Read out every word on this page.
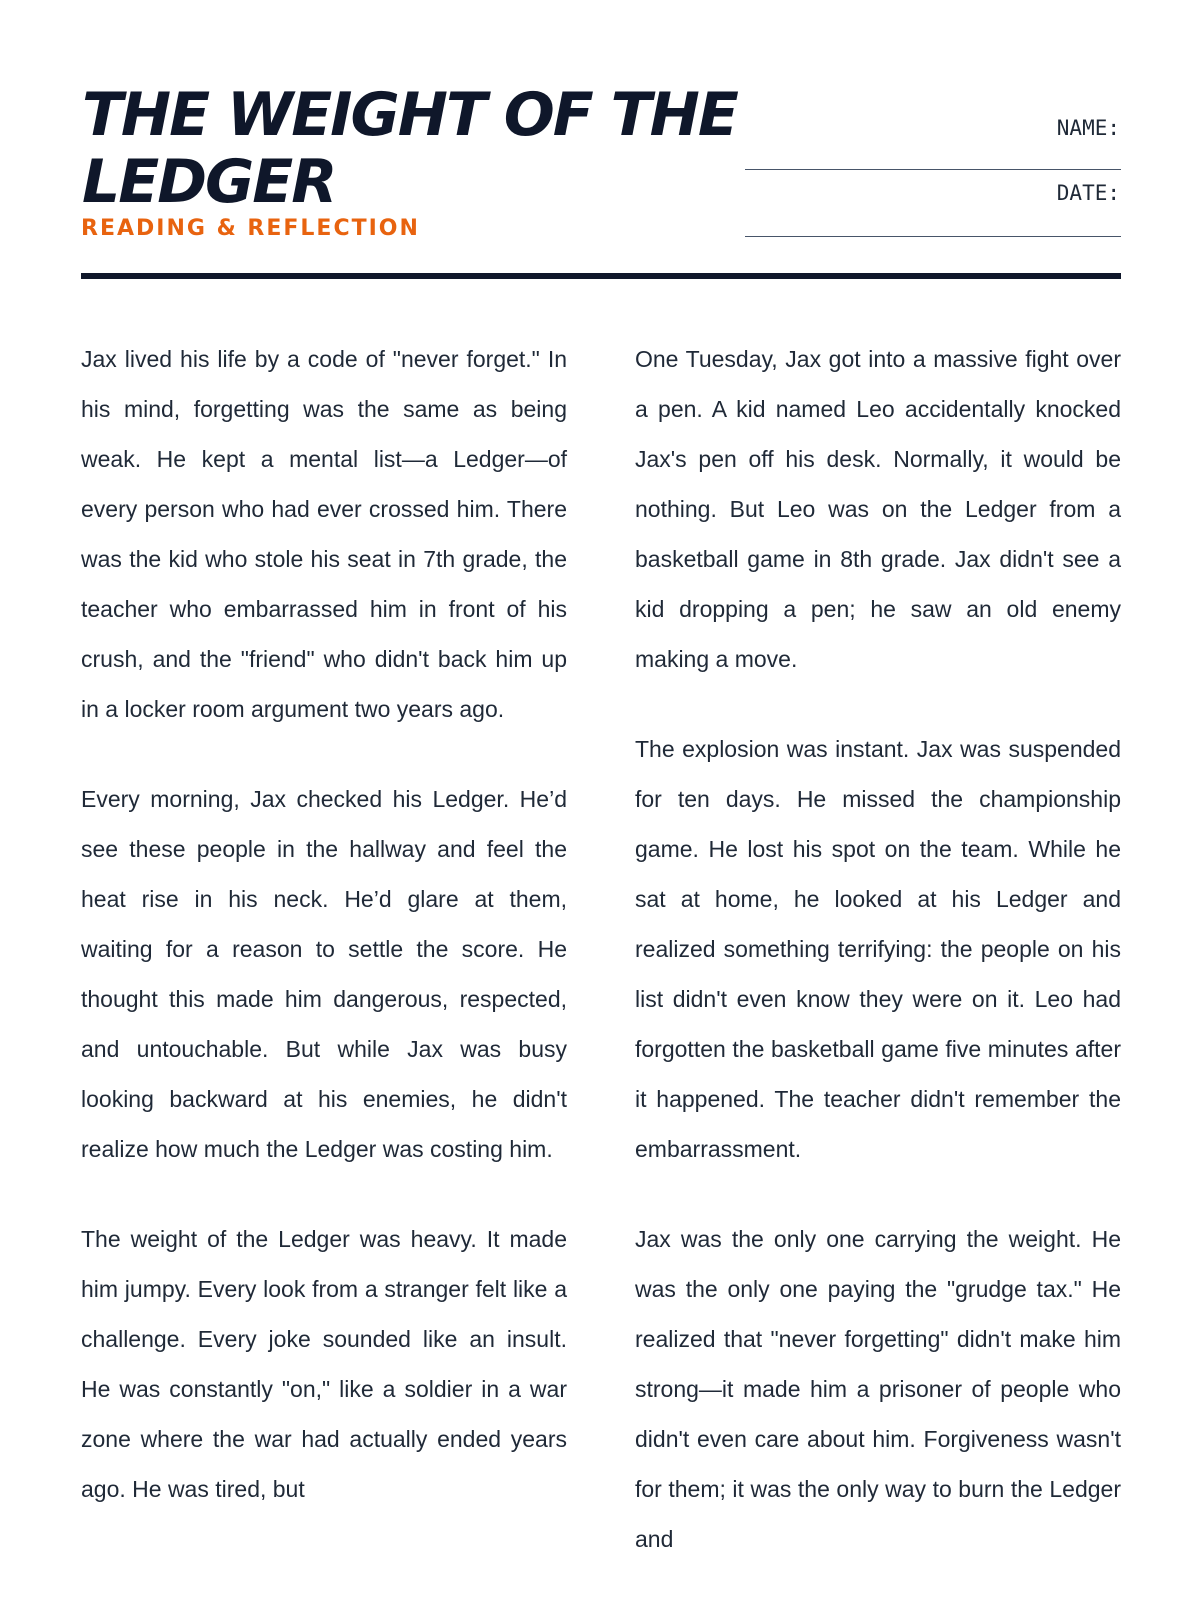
THE WEIGHT OF THE LEDGER
READING & REFLECTION
NAME:
DATE:

Jax lived his life by a code of "never forget." In his mind, forgetting was the same as being weak. He kept a mental list—a Ledger—of every person who had ever crossed him. There was the kid who stole his seat in 7th grade, the teacher who embarrassed him in front of his crush, and the "friend" who didn't back him up in a locker room argument two years ago.

Every morning, Jax checked his Ledger. He’d see these people in the hallway and feel the heat rise in his neck. He’d glare at them, waiting for a reason to settle the score. He thought this made him dangerous, respected, and untouchable. But while Jax was busy looking backward at his enemies, he didn't realize how much the Ledger was costing him.

The weight of the Ledger was heavy. It made him jumpy. Every look from a stranger felt like a challenge. Every joke sounded like an insult. He was constantly "on," like a soldier in a war zone where the war had actually ended years ago. He was tired, but

One Tuesday, Jax got into a massive fight over a pen. A kid named Leo accidentally knocked Jax's pen off his desk. Normally, it would be nothing. But Leo was on the Ledger from a basketball game in 8th grade. Jax didn't see a kid dropping a pen; he saw an old enemy making a move.

The explosion was instant. Jax was suspended for ten days. He missed the championship game. He lost his spot on the team. While he sat at home, he looked at his Ledger and realized something terrifying: the people on his list didn't even know they were on it. Leo had forgotten the basketball game five minutes after it happened. The teacher didn't remember the embarrassment.

Jax was the only one carrying the weight. He was the only one paying the "grudge tax." He realized that "never forgetting" didn't make him strong—it made him a prisoner of people who didn't even care about him. Forgiveness wasn't for them; it was the only way to burn the Ledger and
